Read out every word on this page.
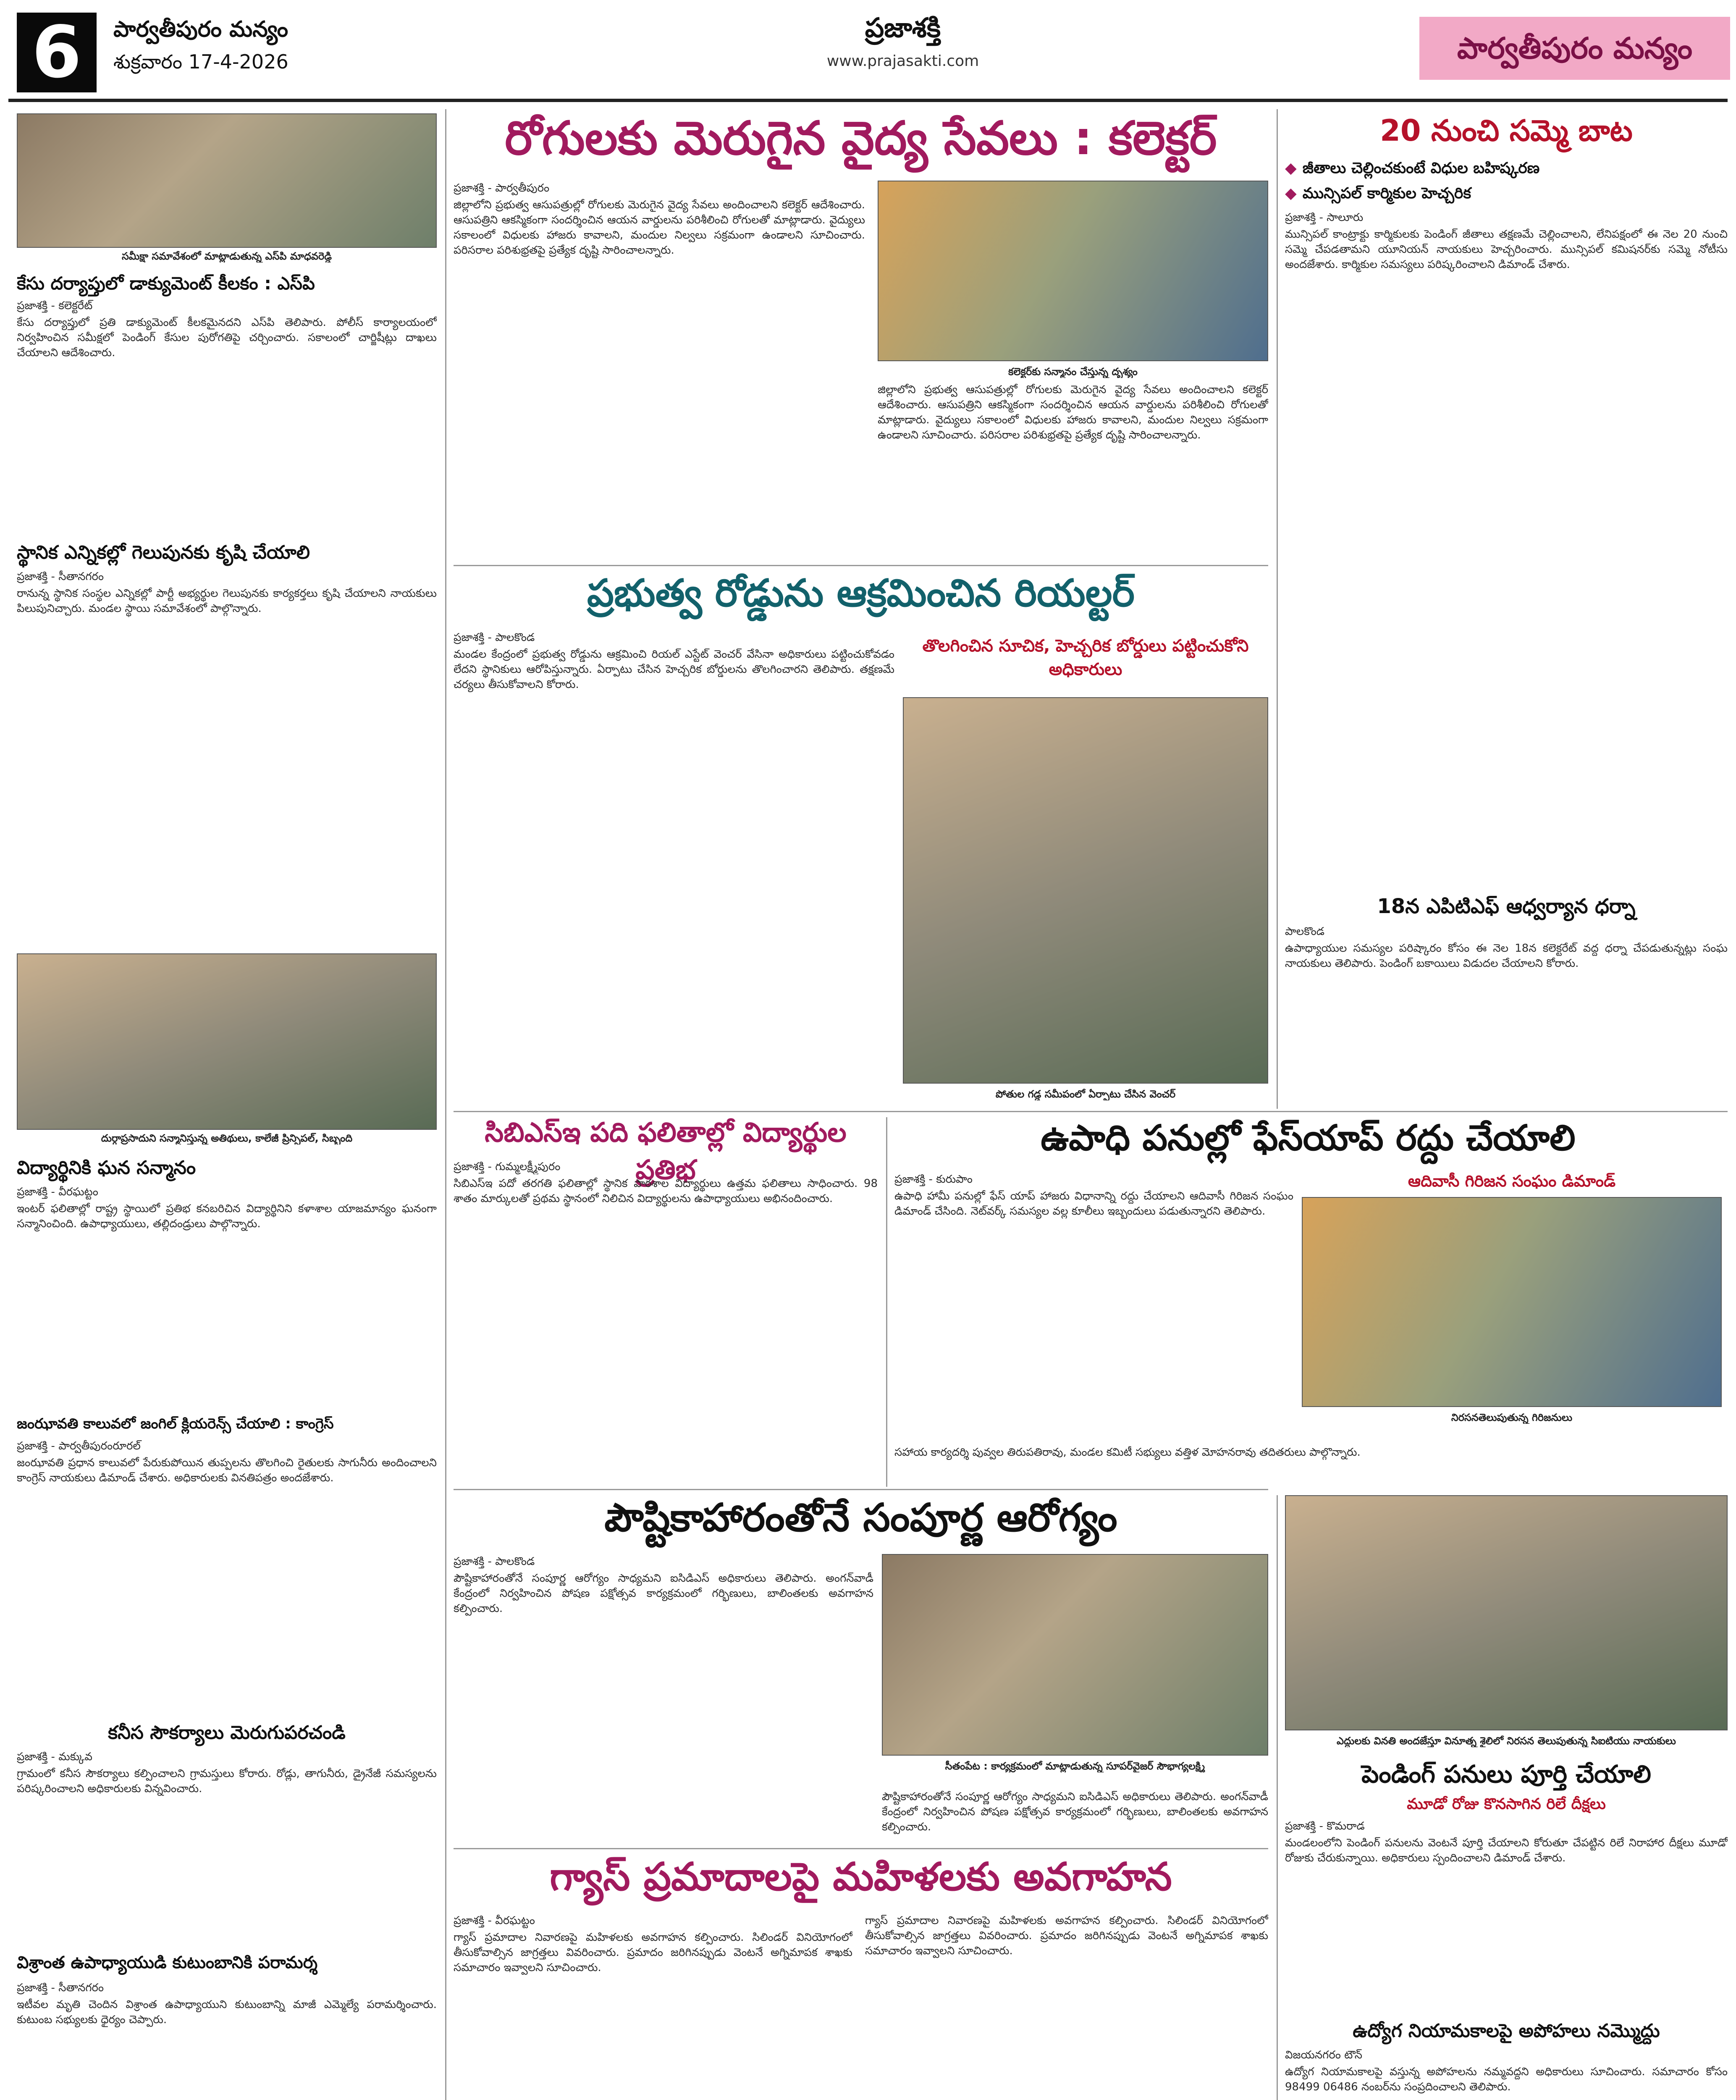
6	పార్వతీపురం మన్యం
శుక్రవారం 17-4-2026
ప్రజాశక్తి
www.prajasakti.com	పార్వతీపురం మన్యం
సమీక్షా సమావేశంలో మాట్లాడుతున్న ఎస్‌పి మాధవరెడ్డి
కేసు దర్యాప్తులో డాక్యుమెంట్ కీలకం : ఎస్‌పి
ప్రజాశక్తి - కలెక్టరేట్
కేసు దర్యాప్తులో ప్రతి డాక్యుమెంట్ కీలకమైనదని ఎస్‌పి తెలిపారు. పోలీస్ కార్యాలయంలో నిర్వహించిన సమీక్షలో పెండింగ్ కేసుల పురోగతిపై చర్చించారు. సకాలంలో చార్జిషీట్లు దాఖలు చేయాలని ఆదేశించారు.
స్థానిక ఎన్నికల్లో గెలుపునకు కృషి చేయాలి
ప్రజాశక్తి - సీతానగరం
రానున్న స్థానిక సంస్థల ఎన్నికల్లో పార్టీ అభ్యర్థుల గెలుపునకు కార్యకర్తలు కృషి చేయాలని నాయకులు పిలుపునిచ్చారు. మండల స్థాయి సమావేశంలో పాల్గొన్నారు.
దుర్గాప్రసాదుని సన్మానిస్తున్న అతిథులు, కాలేజీ ప్రిన్సిపల్, సిబ్బంది
విద్యార్థినికి ఘన సన్మానం
ప్రజాశక్తి - వీరఘట్టం
ఇంటర్ ఫలితాల్లో రాష్ట్ర స్థాయిలో ప్రతిభ కనబరిచిన విద్యార్థినిని కళాశాల యాజమాన్యం ఘనంగా సన్మానించింది. ఉపాధ్యాయులు, తల్లిదండ్రులు పాల్గొన్నారు.
జంఝావతి కాలువలో జంగిల్ క్లియరెన్స్ చేయాలి : కాంగ్రెస్
ప్రజాశక్తి - పార్వతీపురంరూరల్
జంఝావతి ప్రధాన కాలువలో పేరుకుపోయిన తుప్పలను తొలగించి రైతులకు సాగునీరు అందించాలని కాంగ్రెస్ నాయకులు డిమాండ్ చేశారు. అధికారులకు వినతిపత్రం అందజేశారు.
కనీస సౌకర్యాలు మెరుగుపరచండి
ప్రజాశక్తి - మక్కువ
గ్రామంలో కనీస సౌకర్యాలు కల్పించాలని గ్రామస్తులు కోరారు. రోడ్లు, తాగునీరు, డ్రైనేజీ సమస్యలను పరిష్కరించాలని అధికారులకు విన్నవించారు.
విశ్రాంత ఉపాధ్యాయుడి కుటుంబానికి పరామర్శ
ప్రజాశక్తి - సీతానగరం
ఇటీవల మృతి చెందిన విశ్రాంత ఉపాధ్యాయుని కుటుంబాన్ని మాజీ ఎమ్మెల్యే పరామర్శించారు. కుటుంబ సభ్యులకు ధైర్యం చెప్పారు.
రోగులకు మెరుగైన వైద్య సేవలు : కలెక్టర్
ప్రజాశక్తి - పార్వతీపురం
జిల్లాలోని ప్రభుత్వ ఆసుపత్రుల్లో రోగులకు మెరుగైన వైద్య సేవలు అందించాలని కలెక్టర్ ఆదేశించారు. ఆసుపత్రిని ఆకస్మికంగా సందర్శించిన ఆయన వార్డులను పరిశీలించి రోగులతో మాట్లాడారు. వైద్యులు సకాలంలో విధులకు హాజరు కావాలని, మందుల నిల్వలు సక్రమంగా ఉండాలని సూచించారు. పరిసరాల పరిశుభ్రతపై ప్రత్యేక దృష్టి సారించాలన్నారు.
కలెక్టర్‌కు సన్మానం చేస్తున్న దృశ్యం
జిల్లాలోని ప్రభుత్వ ఆసుపత్రుల్లో రోగులకు మెరుగైన వైద్య సేవలు అందించాలని కలెక్టర్ ఆదేశించారు. ఆసుపత్రిని ఆకస్మికంగా సందర్శించిన ఆయన వార్డులను పరిశీలించి రోగులతో మాట్లాడారు. వైద్యులు సకాలంలో విధులకు హాజరు కావాలని, మందుల నిల్వలు సక్రమంగా ఉండాలని సూచించారు. పరిసరాల పరిశుభ్రతపై ప్రత్యేక దృష్టి సారించాలన్నారు.
ప్రభుత్వ రోడ్డును ఆక్రమించిన రియల్టర్
ప్రజాశక్తి - పాలకొండ
మండల కేంద్రంలో ప్రభుత్వ రోడ్డును ఆక్రమించి రియల్ ఎస్టేట్ వెంచర్ వేసినా అధికారులు పట్టించుకోవడం లేదని స్థానికులు ఆరోపిస్తున్నారు. ఏర్పాటు చేసిన హెచ్చరిక బోర్డులను తొలగించారని తెలిపారు. తక్షణమే చర్యలు తీసుకోవాలని కోరారు.
తొలగించిన సూచిక, హెచ్చరిక బోర్డులు పట్టించుకోని అధికారులు
పోతుల గడ్డ సమీపంలో ఏర్పాటు చేసిన వెంచర్
సిబిఎస్‌ఇ పది ఫలితాల్లో విద్యార్థుల ప్రతిభ
ప్రజాశక్తి - గుమ్మలక్ష్మీపురం
సిబిఎస్‌ఇ పదో తరగతి ఫలితాల్లో స్థానిక పాఠశాల విద్యార్థులు ఉత్తమ ఫలితాలు సాధించారు. 98 శాతం మార్కులతో ప్రథమ స్థానంలో నిలిచిన విద్యార్థులను ఉపాధ్యాయులు అభినందించారు.
ఉపాధి పనుల్లో ఫేస్‌యాప్ రద్దు చేయాలి
ప్రజాశక్తి - కురుపాం
ఉపాధి హామీ పనుల్లో ఫేస్ యాప్ హాజరు విధానాన్ని రద్దు చేయాలని ఆదివాసీ గిరిజన సంఘం డిమాండ్ చేసింది. నెట్‌వర్క్ సమస్యల వల్ల కూలీలు ఇబ్బందులు పడుతున్నారని తెలిపారు.
ఆదివాసీ గిరిజన సంఘం డిమాండ్
నిరసనతెలుపుతున్న గిరిజనులు
సహాయ కార్యదర్శి పువ్వల తిరుపతిరావు, మండల కమిటీ సభ్యులు వత్తిళ మోహనరావు తదితరులు పాల్గొన్నారు.
పౌష్టికాహారంతోనే సంపూర్ణ ఆరోగ్యం
ప్రజాశక్తి - పాలకొండ
పౌష్టికాహారంతోనే సంపూర్ణ ఆరోగ్యం సాధ్యమని ఐసిడిఎస్ అధికారులు తెలిపారు. అంగన్‌వాడీ కేంద్రంలో నిర్వహించిన పోషణ పక్షోత్సవ కార్యక్రమంలో గర్భిణులు, బాలింతలకు అవగాహన కల్పించారు.
సీతంపేట : కార్యక్రమంలో మాట్లాడుతున్న సూపర్‌వైజర్ సౌభాగ్యలక్ష్మి
పౌష్టికాహారంతోనే సంపూర్ణ ఆరోగ్యం సాధ్యమని ఐసిడిఎస్ అధికారులు తెలిపారు. అంగన్‌వాడీ కేంద్రంలో నిర్వహించిన పోషణ పక్షోత్సవ కార్యక్రమంలో గర్భిణులు, బాలింతలకు అవగాహన కల్పించారు.
గ్యాస్ ప్రమాదాలపై మహిళలకు అవగాహన
ప్రజాశక్తి - వీరఘట్టం
గ్యాస్ ప్రమాదాల నివారణపై మహిళలకు అవగాహన కల్పించారు. సిలిండర్ వినియోగంలో తీసుకోవాల్సిన జాగ్రత్తలు వివరించారు. ప్రమాదం జరిగినప్పుడు వెంటనే అగ్నిమాపక శాఖకు సమాచారం ఇవ్వాలని సూచించారు.
గ్యాస్ ప్రమాదాల నివారణపై మహిళలకు అవగాహన కల్పించారు. సిలిండర్ వినియోగంలో తీసుకోవాల్సిన జాగ్రత్తలు వివరించారు. ప్రమాదం జరిగినప్పుడు వెంటనే అగ్నిమాపక శాఖకు సమాచారం ఇవ్వాలని సూచించారు.
20 నుంచి సమ్మె బాట
◆ జీతాలు చెల్లించకుంటే విధుల బహిష్కరణ
◆ మున్సిపల్ కార్మికుల హెచ్చరిక
ప్రజాశక్తి - సాలూరు
మున్సిపల్ కాంట్రాక్టు కార్మికులకు పెండింగ్ జీతాలు తక్షణమే చెల్లించాలని, లేనిపక్షంలో ఈ నెల 20 నుంచి సమ్మె చేపడతామని యూనియన్ నాయకులు హెచ్చరించారు. మున్సిపల్ కమిషనర్‌కు సమ్మె నోటీసు అందజేశారు. కార్మికుల సమస్యలు పరిష్కరించాలని డిమాండ్ చేశారు.
18న ఎపిటిఎఫ్ ఆధ్వర్యాన ధర్నా
పాలకొండ
ఉపాధ్యాయుల సమస్యల పరిష్కారం కోసం ఈ నెల 18న కలెక్టరేట్ వద్ద ధర్నా చేపడుతున్నట్లు సంఘ నాయకులు తెలిపారు. పెండింగ్ బకాయిలు విడుదల చేయాలని కోరారు.
ఎద్దులకు వినతి అందజేస్తూ వినూత్న శైలిలో నిరసన తెలుపుతున్న సిఐటియు నాయకులు
పెండింగ్ పనులు పూర్తి చేయాలి
మూడో రోజు కొనసాగిన రిలే దీక్షలు
ప్రజాశక్తి - కొమరాడ
మండలంలోని పెండింగ్ పనులను వెంటనే పూర్తి చేయాలని కోరుతూ చేపట్టిన రిలే నిరాహార దీక్షలు మూడో రోజుకు చేరుకున్నాయి. అధికారులు స్పందించాలని డిమాండ్ చేశారు.
ఉద్యోగ నియామకాలపై అపోహలు నమ్మొద్దు
విజయనగరం టౌన్
ఉద్యోగ నియామకాలపై వస్తున్న అపోహలను నమ్మవద్దని అధికారులు సూచించారు. సమాచారం కోసం 98499 06486 నంబర్‌ను సంప్రదించాలని తెలిపారు.
